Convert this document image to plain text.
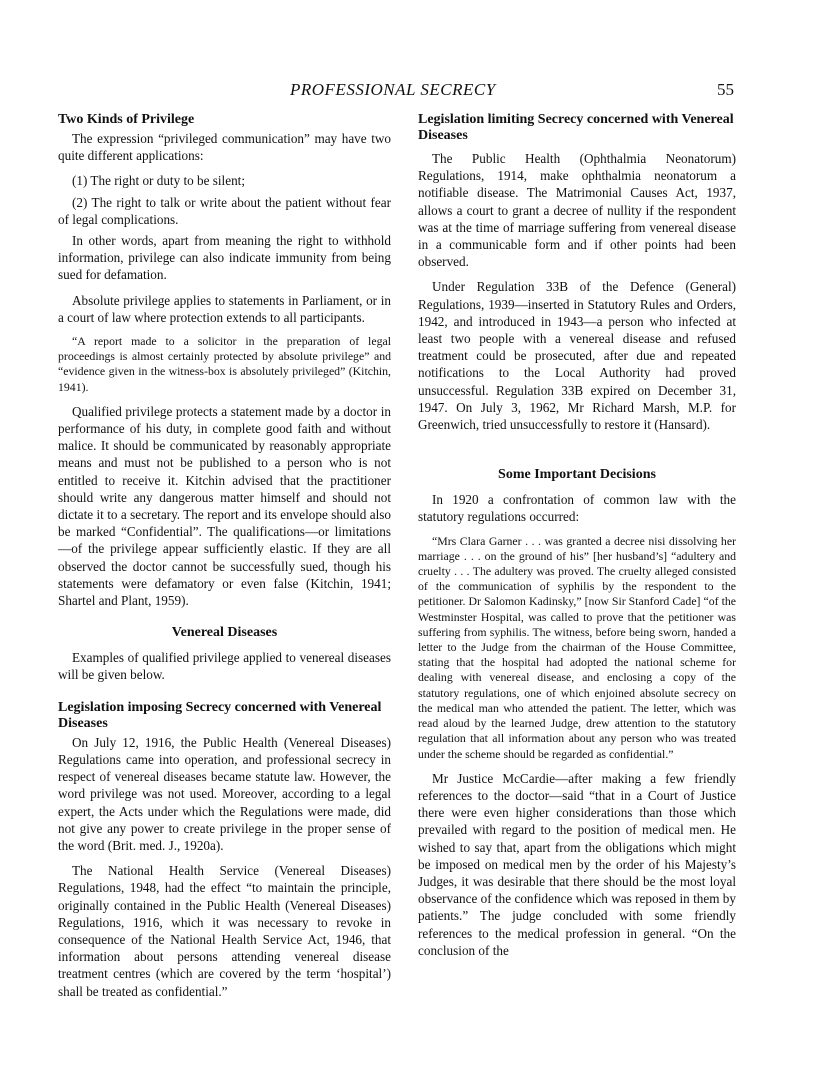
PROFESSIONAL SECRECY	55
Two Kinds of Privilege

The expression “privileged communication” may have two quite different applications:

(1) The right or duty to be silent;

(2) The right to talk or write about the patient without fear of legal complications.

In other words, apart from meaning the right to withhold information, privilege can also indicate immunity from being sued for defamation.

Absolute privilege applies to statements in Parliament, or in a court of law where protection extends to all participants.

“A report made to a solicitor in the preparation of legal proceedings is almost certainly protected by absolute privilege” and “evidence given in the witness-box is absolutely privileged” (Kitchin, 1941).

Qualified privilege protects a statement made by a doctor in performance of his duty, in complete good faith and without malice. It should be communicated by reasonably appropriate means and must not be published to a person who is not entitled to receive it. Kitchin advised that the practitioner should write any dangerous matter himself and should not dictate it to a secretary. The report and its envelope should also be marked “Confidential”. The qualifications—or limitations—of the privilege appear sufficiently elastic. If they are all observed the doctor cannot be successfully sued, though his statements were defamatory or even false (Kitchin, 1941; Shartel and Plant, 1959).

Venereal Diseases

Examples of qualified privilege applied to venereal diseases will be given below.

Legislation imposing Secrecy concerned with Venereal Diseases

On July 12, 1916, the Public Health (Venereal Diseases) Regulations came into operation, and professional secrecy in respect of venereal diseases became statute law. However, the word privilege was not used. Moreover, according to a legal expert, the Acts under which the Regulations were made, did not give any power to create privilege in the proper sense of the word (Brit. med. J., 1920a).

The National Health Service (Venereal Diseases) Regulations, 1948, had the effect “to maintain the principle, originally contained in the Public Health (Venereal Diseases) Regulations, 1916, which it was necessary to revoke in consequence of the National Health Service Act, 1946, that information about persons attending venereal disease treatment centres (which are covered by the term ‘hospital’) shall be treated as confidential.”

Legislation limiting Secrecy concerned with Venereal Diseases

The Public Health (Ophthalmia Neonatorum) Regulations, 1914, make ophthalmia neonatorum a notifiable disease. The Matrimonial Causes Act, 1937, allows a court to grant a decree of nullity if the respondent was at the time of marriage suffering from venereal disease in a communicable form and if other points had been observed.

Under Regulation 33B of the Defence (General) Regulations, 1939—inserted in Statutory Rules and Orders, 1942, and introduced in 1943—a person who infected at least two people with a venereal disease and refused treatment could be prosecuted, after due and repeated notifications to the Local Authority had proved unsuccessful. Regulation 33B expired on December 31, 1947. On July 3, 1962, Mr Richard Marsh, M.P. for Greenwich, tried unsuccessfully to restore it (Hansard).

Some Important Decisions

In 1920 a confrontation of common law with the statutory regulations occurred:

“Mrs Clara Garner . . . was granted a decree nisi dissolving her marriage . . . on the ground of his” [her husband’s] “adultery and cruelty . . . The adultery was proved. The cruelty alleged consisted of the communication of syphilis by the respondent to the petitioner. Dr Salomon Kadinsky,” [now Sir Stanford Cade] “of the Westminster Hospital, was called to prove that the petitioner was suffering from syphilis. The witness, before being sworn, handed a letter to the Judge from the chairman of the House Committee, stating that the hospital had adopted the national scheme for dealing with venereal disease, and enclosing a copy of the statutory regulations, one of which enjoined absolute secrecy on the medical man who attended the patient. The letter, which was read aloud by the learned Judge, drew attention to the statutory regulation that all information about any person who was treated under the scheme should be regarded as confidential.”

Mr Justice McCardie—after making a few friendly references to the doctor—said “that in a Court of Justice there were even higher considerations than those which prevailed with regard to the position of medical men. He wished to say that, apart from the obligations which might be imposed on medical men by the order of his Majesty’s Judges, it was desirable that there should be the most loyal observance of the confidence which was reposed in them by patients.” The judge concluded with some friendly references to the medical profession in general. “On the conclusion of the
